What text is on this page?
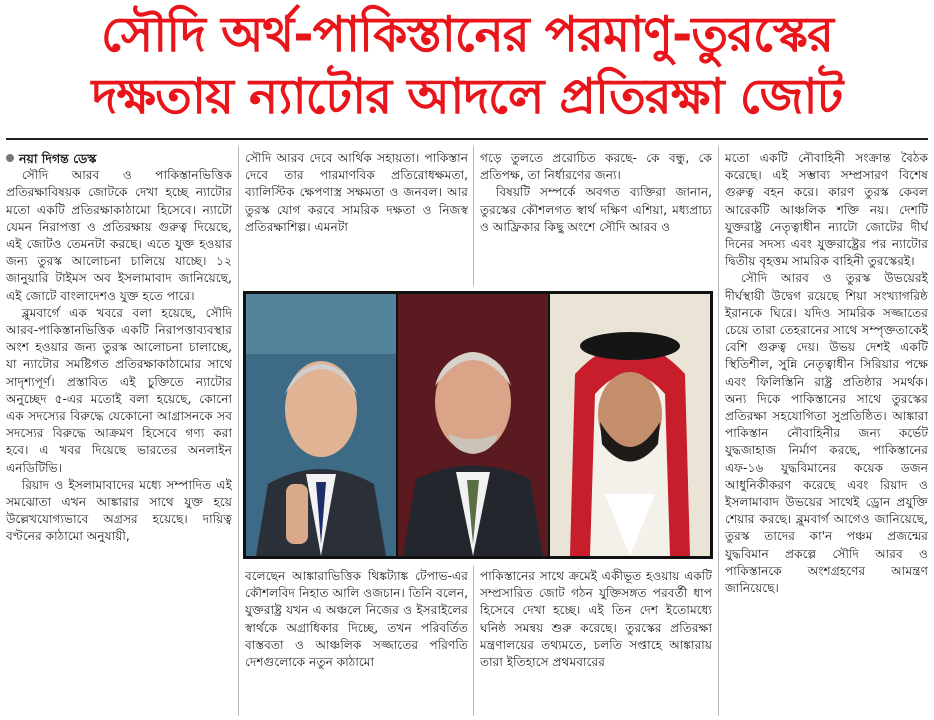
সৌদি অর্থ-পাকিস্তানের পরমাণু-তুরস্কের
দক্ষতায় ন্যাটোর আদলে প্রতিরক্ষা জোট

নয়া দিগন্ত ডেস্ক

সৌদি আরব ও পাকিস্তানভিত্তিক প্রতিরক্ষাবিষয়ক জোটকে দেখা হচ্ছে ন্যাটোর মতো একটি প্রতিরক্ষাকাঠামো হিসেবে। ন্যাটো যেমন নিরাপত্তা ও প্রতিরক্ষায় গুরুত্ব দিয়েছে, এই জোটও তেমনটা করছে। এতে যুক্ত হওয়ার জন্য তুরস্ক আলোচনা চালিয়ে যাচ্ছে। ১২ জানুয়ারি টাইমস অব ইসলামাবাদ জানিয়েছে, এই জোটে বাংলাদেশও যুক্ত হতে পারে।

ব্লুমবার্গে এক খবরে বলা হয়েছে, সৌদি আরব-পাকিস্তানভিত্তিক একটি নিরাপত্তাব্যবস্থার অংশ হওয়ার জন্য তুরস্ক আলোচনা চালাচ্ছে, যা ন্যাটোর সমষ্টিগত প্রতিরক্ষাকাঠামোর সাথে সাদৃশ্যপূর্ণ। প্রস্তাবিত এই চুক্তিতে ন্যাটোর অনুচ্ছেদ ৫-এর মতোই বলা হয়েছে, কোনো এক সদস্যের বিরুদ্ধে যেকোনো আগ্রাসনকে সব সদস্যের বিরুদ্ধে আক্রমণ হিসেবে গণ্য করা হবে। এ খবর দিয়েছে ভারতের অনলাইন এনডিটিভি।

রিয়াদ ও ইসলামাবাদের মধ্যে সম্পাদিত এই সমঝোতা এখন আঙ্কারার সাথে যুক্ত হয়ে উল্লেখযোগ্যভাবে অগ্রসর হয়েছে। দায়িত্ব বণ্টনের কাঠামো অনুযায়ী,

সৌদি আরব দেবে আর্থিক সহায়তা। পাকিস্তান দেবে তার পারমাণবিক প্রতিরোধক্ষমতা, ব্যালিস্টিক ক্ষেপণাস্ত্র সক্ষমতা ও জনবল। আর তুরস্ক যোগ করবে সামরিক দক্ষতা ও নিজস্ব প্রতিরক্ষাশিল্প। এমনটা

গড়ে তুলতে প্ররোচিত করছে- কে বন্ধু, কে প্রতিপক্ষ, তা নির্ধারণের জন্য।

বিষয়টি সম্পর্কে অবগত ব্যক্তিরা জানান, তুরস্কের কৌশলগত স্বার্থ দক্ষিণ এশিয়া, মধ্যপ্রাচ্য ও আফ্রিকার কিছু অংশে সৌদি আরব ও

বলেছেন আঙ্কারাভিত্তিক থিঙ্কট্যাঙ্ক টেপাভ-এর কৌশলবিদ নিহাত আলি ওজচান। তিনি বলেন, যুক্তরাষ্ট্র যখন এ অঞ্চলে নিজের ও ইসরাইলের স্বার্থকে অগ্রাধিকার দিচ্ছে, তখন পরিবর্তিত বাস্তবতা ও আঞ্চলিক সজ্জাতের পরিণতি দেশগুলোকে নতুন কাঠামো

পাকিস্তানের সাথে ক্রমেই একীভূত হওয়ায় একটি সম্প্রসারিত জোট গঠন যুক্তিসঙ্গত পরবর্তী ধাপ হিসেবে দেখা হচ্ছে। এই তিন দেশ ইতোমধ্যে ঘনিষ্ঠ সমন্বয় শুরু করেছে। তুরস্কের প্রতিরক্ষা মন্ত্রণালয়ের তথ্যমতে, চলতি সপ্তাহে আঙ্কারায় তারা ইতিহাসে প্রথমবারের

মতো একটি নৌবাহিনী সংক্রান্ত বৈঠক করেছে। এই সম্ভাব্য সম্প্রসারণ বিশেষ গুরুত্ব বহন করে। কারণ তুরস্ক কেবল আরেকটি আঞ্চলিক শক্তি নয়। দেশটি যুক্তরাষ্ট্র নেতৃত্বাধীন ন্যাটো জোটের দীর্ঘ দিনের সদস্য এবং যুক্তরাষ্ট্রের পর ন্যাটোর দ্বিতীয় বৃহত্তম সামরিক বাহিনী তুরস্কেরই।

সৌদি আরব ও তুরস্ক উভয়েরই দীর্ঘস্থায়ী উদ্বেগ রয়েছে শিয়া সংখ্যাগরিষ্ঠ ইরানকে ঘিরে। যদিও সামরিক সজ্জাতের চেয়ে তারা তেহরানের সাথে সম্পৃক্ততাকেই বেশি গুরুত্ব দেয়। উভয় দেশই একটি স্থিতিশীল, সুন্নি নেতৃত্বাধীন সিরিয়ার পক্ষে এবং ফিলিস্তিনি রাষ্ট্র প্রতিষ্ঠার সমর্থক। অন্য দিকে পাকিস্তানের সাথে তুরস্কের প্রতিরক্ষা সহযোগিতা সুপ্রতিষ্ঠিত। আঙ্কারা পাকিস্তান নৌবাহিনীর জন্য কর্ভেট যুদ্ধজাহাজ নির্মাণ করছে, পাকিস্তানের এফ-১৬ যুদ্ধবিমানের কয়েক ডজন আধুনিকীকরণ করেছে এবং রিয়াদ ও ইসলামাবাদ উভয়ের সাথেই ড্রোন প্রযুক্তি শেয়ার করছে। ব্লুমবার্গ আগেও জানিয়েছে, তুরস্ক তাদের কা'ন পঞ্চম প্রজন্মের যুদ্ধবিমান প্রকল্পে সৌদি আরব ও পাকিস্তানকে অংশগ্রহণের আমন্ত্রণ জানিয়েছে।
